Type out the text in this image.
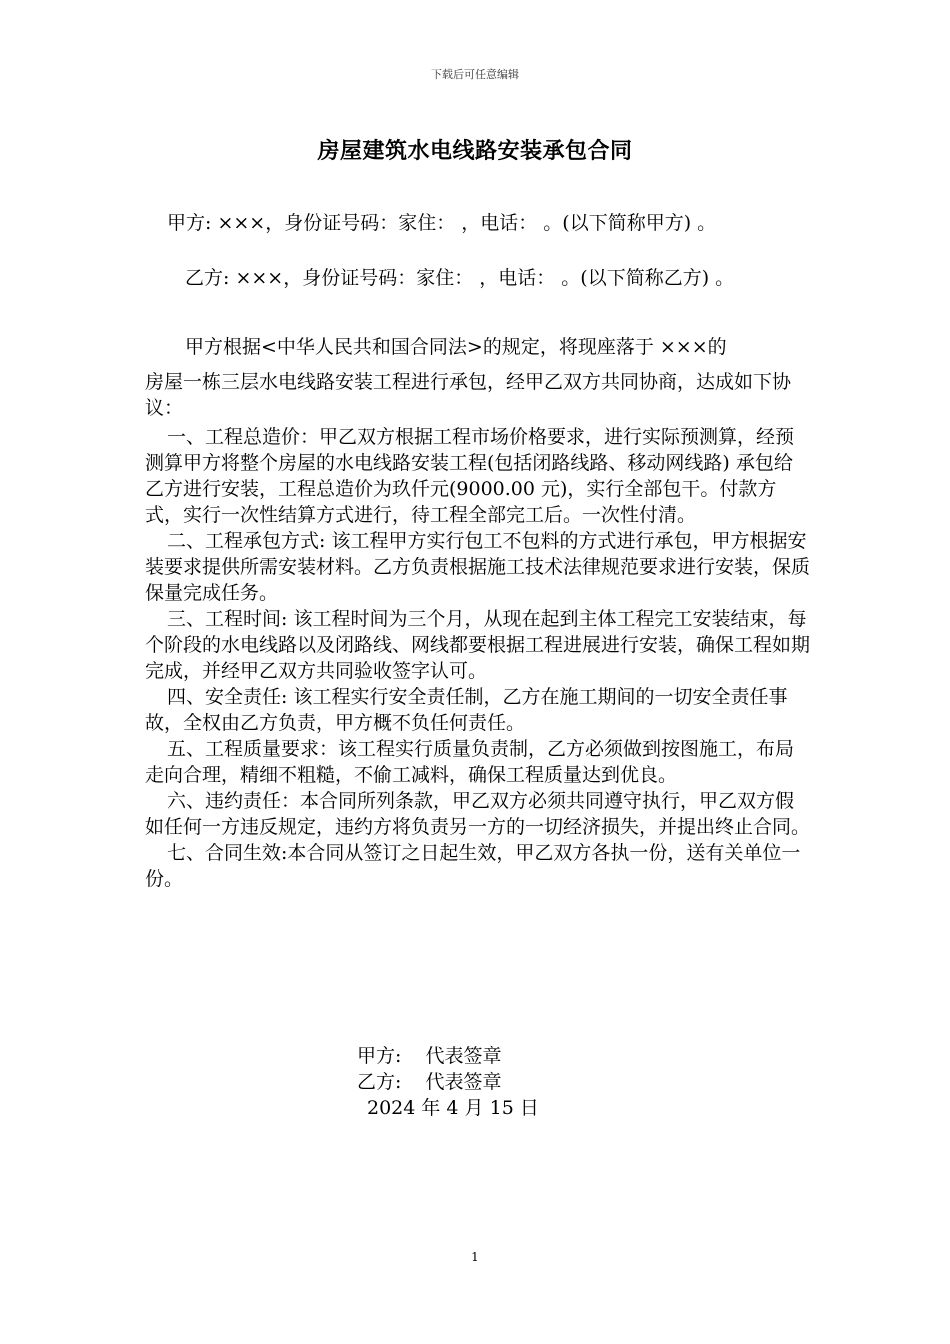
下载后可任意编辑
房屋建筑水电线路安装承包合同
甲方: ×××，身份证号码：家住： ，电话： 。(以下简称甲方) 。
乙方: ×××，身份证号码：家住： ，电话： 。(以下简称乙方) 。
甲方根据<中华人民共和国合同法>的规定，将现座落于 ×××的
房屋一栋三层水电线路安装工程进行承包，经甲乙双方共同协商，达成如下协议：

一、工程总造价：甲乙双方根据工程市场价格要求，进行实际预测算，经预测算甲方将整个房屋的水电线路安装工程(包括闭路线路、移动网线路) 承包给乙方进行安装，工程总造价为玖仟元(9000.00 元)，实行全部包干。付款方式，实行一次性结算方式进行，待工程全部完工后。一次性付清。

二、工程承包方式: 该工程甲方实行包工不包料的方式进行承包，甲方根据安装要求提供所需安装材料。乙方负责根据施工技术法律规范要求进行安装，保质保量完成任务。

三、工程时间: 该工程时间为三个月，从现在起到主体工程完工安装结束，每个阶段的水电线路以及闭路线、网线都要根据工程进展进行安装，确保工程如期完成，并经甲乙双方共同验收签字认可。

四、安全责任: 该工程实行安全责任制，乙方在施工期间的一切安全责任事故，全权由乙方负责，甲方概不负任何责任。

五、工程质量要求：该工程实行质量负责制，乙方必须做到按图施工，布局走向合理，精细不粗糙，不偷工减料，确保工程质量达到优良。

六、违约责任：本合同所列条款，甲乙双方必须共同遵守执行，甲乙双方假如任何一方违反规定，违约方将负责另一方的一切经济损失，并提出终止合同。

七、合同生效:本合同从签订之日起生效，甲乙双方各执一份，送有关单位一份。

甲方:    代表签章
乙方:    代表签章
2024 年 4 月 15 日
1
